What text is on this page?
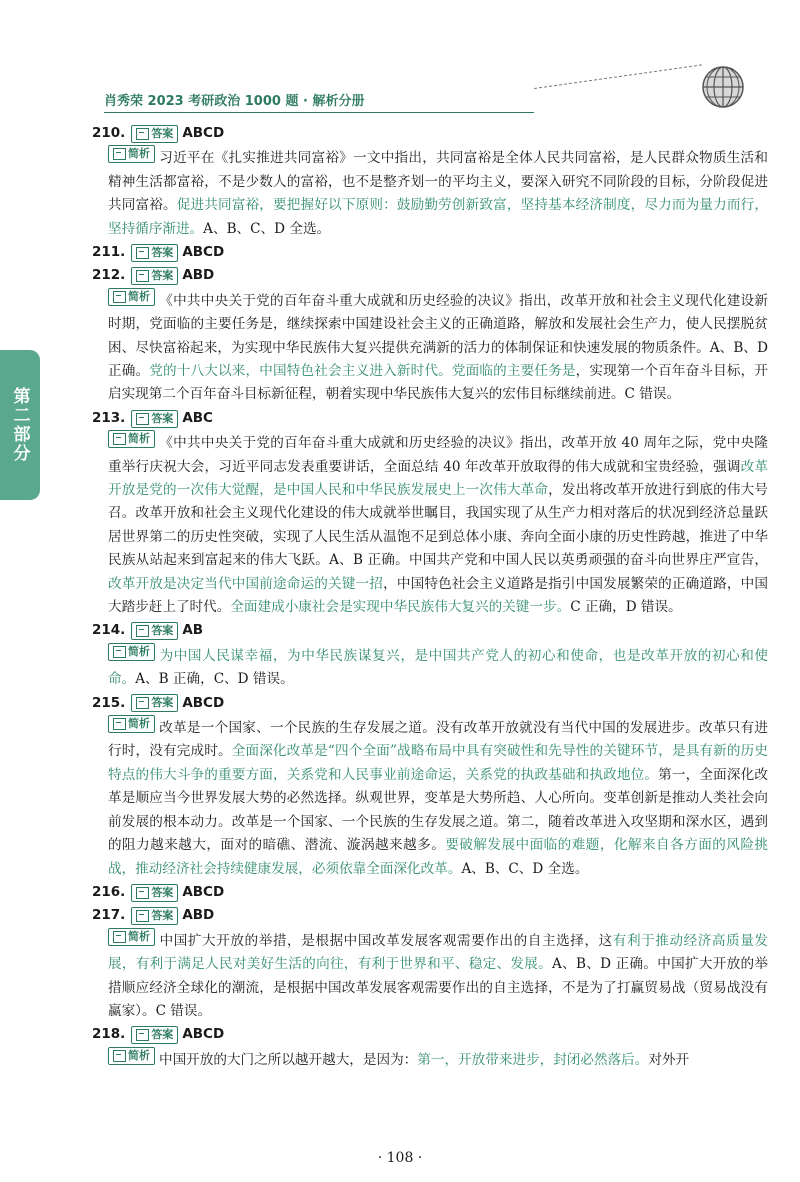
肖秀荣 2023 考研政治 1000 题 · 解析分册
第二部分
210. 答案 ABCD
简析 习近平在《扎实推进共同富裕》一文中指出，共同富裕是全体人民共同富裕，是人民群众物质生活和精神生活都富裕，不是少数人的富裕，也不是整齐划一的平均主义，要深入研究不同阶段的目标，分阶段促进共同富裕。促进共同富裕，要把握好以下原则：鼓励勤劳创新致富，坚持基本经济制度，尽力而为量力而行，坚持循序渐进。A、B、C、D 全选。
211. 答案 ABCD
212. 答案 ABD
简析 《中共中央关于党的百年奋斗重大成就和历史经验的决议》指出，改革开放和社会主义现代化建设新时期，党面临的主要任务是，继续探索中国建设社会主义的正确道路，解放和发展社会生产力，使人民摆脱贫困、尽快富裕起来，为实现中华民族伟大复兴提供充满新的活力的体制保证和快速发展的物质条件。A、B、D 正确。党的十八大以来，中国特色社会主义进入新时代。党面临的主要任务是，实现第一个百年奋斗目标，开启实现第二个百年奋斗目标新征程，朝着实现中华民族伟大复兴的宏伟目标继续前进。C 错误。
213. 答案 ABC
简析 《中共中央关于党的百年奋斗重大成就和历史经验的决议》指出，改革开放 40 周年之际，党中央隆重举行庆祝大会，习近平同志发表重要讲话，全面总结 40 年改革开放取得的伟大成就和宝贵经验，强调改革开放是党的一次伟大觉醒，是中国人民和中华民族发展史上一次伟大革命，发出将改革开放进行到底的伟大号召。改革开放和社会主义现代化建设的伟大成就举世瞩目，我国实现了从生产力相对落后的状况到经济总量跃居世界第二的历史性突破，实现了人民生活从温饱不足到总体小康、奔向全面小康的历史性跨越，推进了中华民族从站起来到富起来的伟大飞跃。A、B 正确。中国共产党和中国人民以英勇顽强的奋斗向世界庄严宣告，改革开放是决定当代中国前途命运的关键一招，中国特色社会主义道路是指引中国发展繁荣的正确道路，中国大踏步赶上了时代。全面建成小康社会是实现中华民族伟大复兴的关键一步。C 正确，D 错误。
214. 答案 AB
简析 为中国人民谋幸福，为中华民族谋复兴，是中国共产党人的初心和使命，也是改革开放的初心和使命。A、B 正确，C、D 错误。
215. 答案 ABCD
简析 改革是一个国家、一个民族的生存发展之道。没有改革开放就没有当代中国的发展进步。改革只有进行时，没有完成时。全面深化改革是“四个全面”战略布局中具有突破性和先导性的关键环节，是具有新的历史特点的伟大斗争的重要方面，关系党和人民事业前途命运，关系党的执政基础和执政地位。第一，全面深化改革是顺应当今世界发展大势的必然选择。纵观世界，变革是大势所趋、人心所向。变革创新是推动人类社会向前发展的根本动力。改革是一个国家、一个民族的生存发展之道。第二，随着改革进入攻坚期和深水区，遇到的阻力越来越大，面对的暗礁、潜流、漩涡越来越多。要破解发展中面临的难题，化解来自各方面的风险挑战，推动经济社会持续健康发展，必须依靠全面深化改革。A、B、C、D 全选。
216. 答案 ABCD
217. 答案 ABD
简析 中国扩大开放的举措，是根据中国改革发展客观需要作出的自主选择，这有利于推动经济高质量发展，有利于满足人民对美好生活的向往，有利于世界和平、稳定、发展。A、B、D 正确。中国扩大开放的举措顺应经济全球化的潮流，是根据中国改革发展客观需要作出的自主选择，不是为了打赢贸易战（贸易战没有赢家）。C 错误。
218. 答案 ABCD
简析 中国开放的大门之所以越开越大，是因为：第一，开放带来进步，封闭必然落后。对外开
· 108 ·
